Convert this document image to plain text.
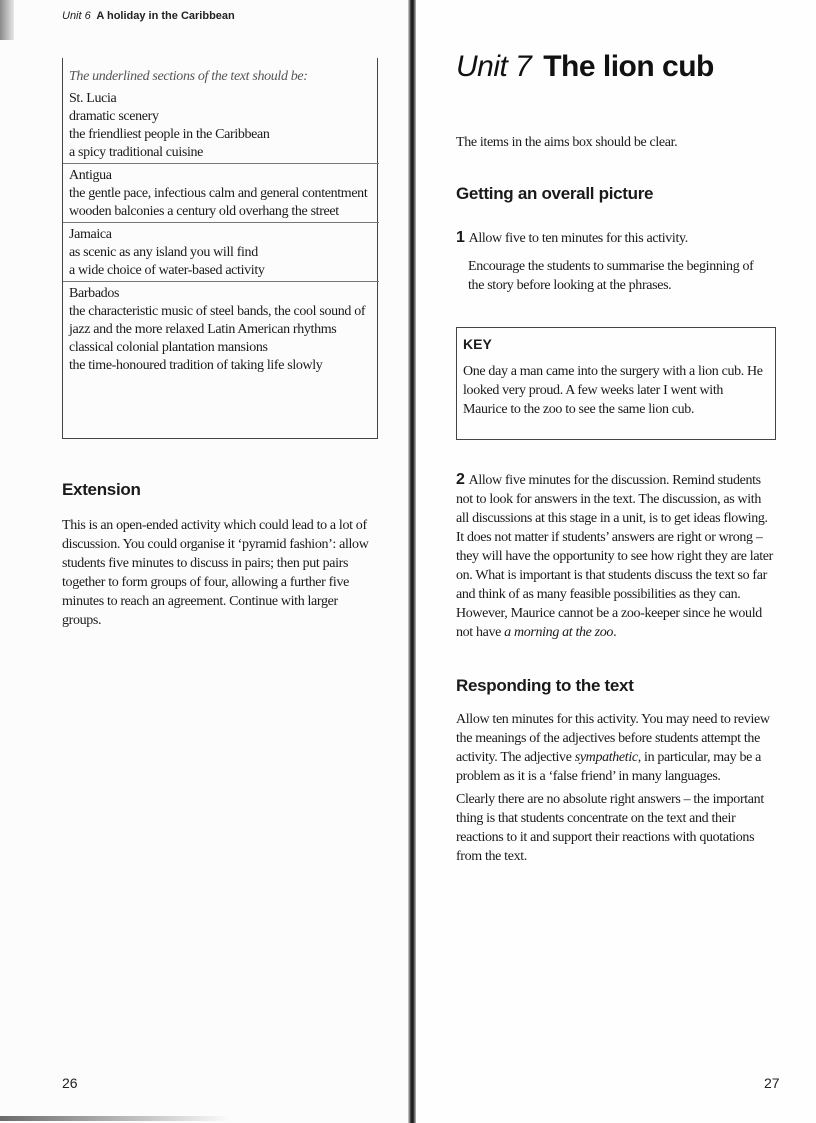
Unit 6 A holiday in the Caribbean

The underlined sections of the text should be:

St. Lucia

dramatic scenery

the friendliest people in the Caribbean

a spicy traditional cuisine

Antigua

the gentle pace, infectious calm and general contentment

wooden balconies a century old overhang the street

Jamaica

as scenic as any island you will find

a wide choice of water-based activity

Barbados

the characteristic music of steel bands, the cool sound of jazz and the more relaxed Latin American rhythms

classical colonial plantation mansions

the time-honoured tradition of taking life slowly

Extension

This is an open-ended activity which could lead to a lot of discussion. You could organise it ‘pyramid fashion’: allow students five minutes to discuss in pairs; then put pairs together to form groups of four, allowing a further five minutes to reach an agreement. Continue with larger groups.

26

Unit 7 The lion cub

The items in the aims box should be clear.

Getting an overall picture

1 Allow five to ten minutes for this activity.

Encourage the students to summarise the beginning of the story before looking at the phrases.

KEY

One day a man came into the surgery with a lion cub. He looked very proud. A few weeks later I went with Maurice to the zoo to see the same lion cub.

2 Allow five minutes for the discussion. Remind students not to look for answers in the text. The discussion, as with all discussions at this stage in a unit, is to get ideas flowing. It does not matter if students’ answers are right or wrong – they will have the opportunity to see how right they are later on. What is important is that students discuss the text so far and think of as many feasible possibilities as they can. However, Maurice cannot be a zoo-keeper since he would not have a morning at the zoo.

Responding to the text

Allow ten minutes for this activity. You may need to review the meanings of the adjectives before students attempt the activity. The adjective sympathetic, in particular, may be a problem as it is a ‘false friend’ in many languages.

Clearly there are no absolute right answers – the important thing is that students concentrate on the text and their reactions to it and support their reactions with quotations from the text.

27
